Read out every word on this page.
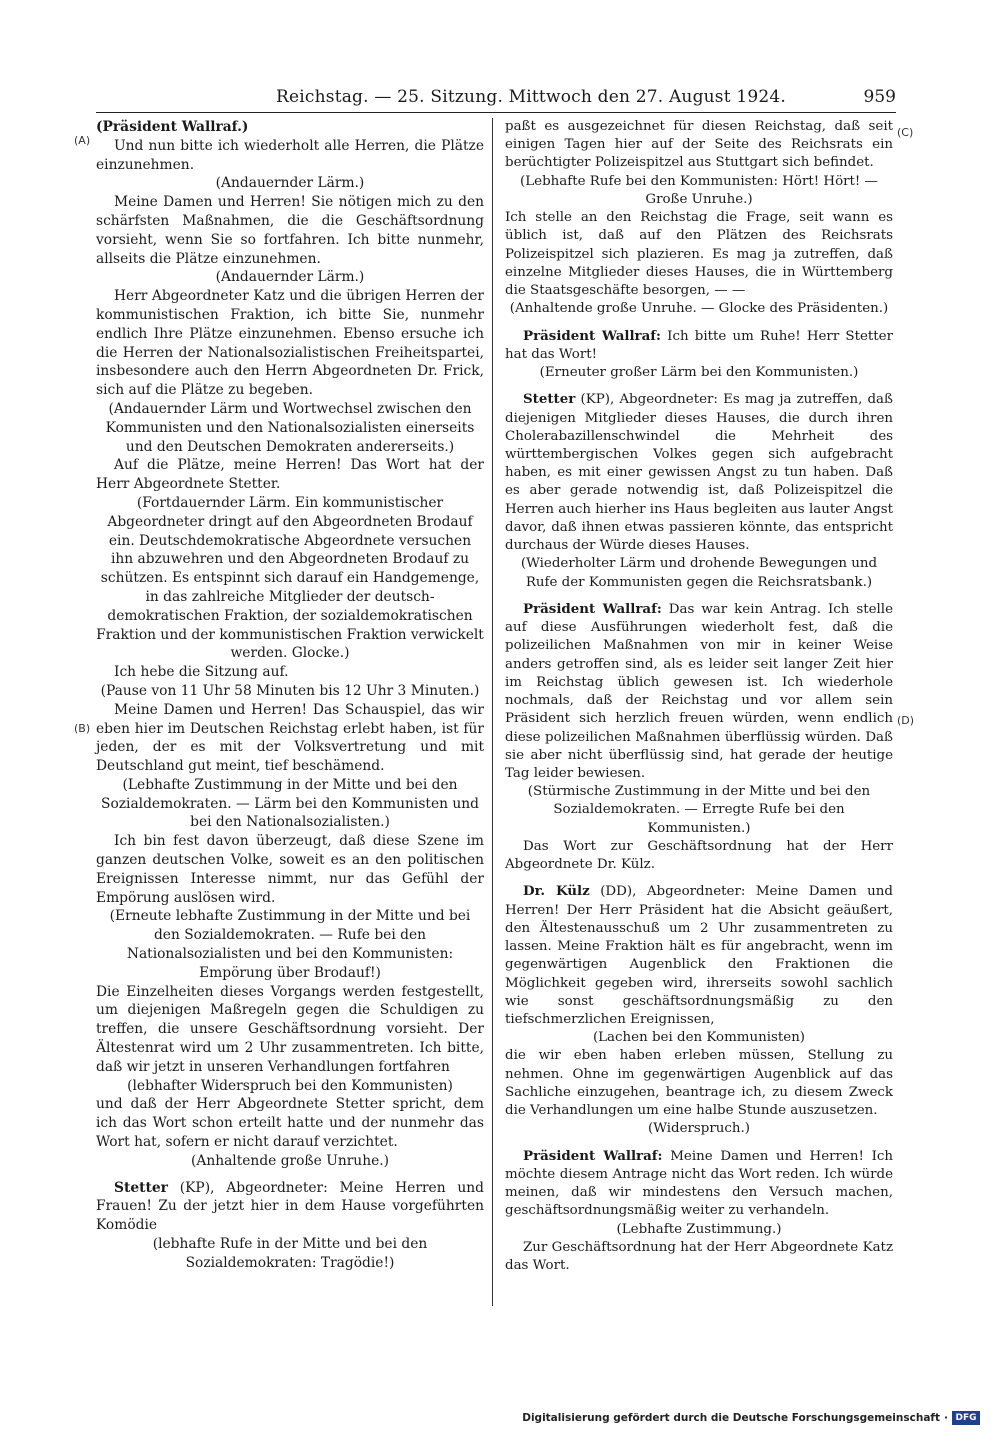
Reichstag. — 25. Sitzung. Mittwoch den 27. August 1924.	959
(A)
(B)
(C)
(D)

(Präsident Wallraf.)

Und nun bitte ich wiederholt alle Herren, die Plätze einzunehmen.

(Andauernder Lärm.)

Meine Damen und Herren! Sie nötigen mich zu den schärfsten Maßnahmen, die die Geschäftsordnung vorsieht, wenn Sie so fortfahren. Ich bitte nunmehr, allseits die Plätze einzunehmen.

(Andauernder Lärm.)

Herr Abgeordneter Katz und die übrigen Herren der kommunistischen Fraktion, ich bitte Sie, nunmehr endlich Ihre Plätze einzunehmen. Ebenso ersuche ich die Herren der Nationalsozialistischen Freiheitspartei, insbesondere auch den Herrn Abgeordneten Dr. Frick, sich auf die Plätze zu begeben.

(Andauernder Lärm und Wortwechsel zwischen den Kommunisten und den Nationalsozialisten einerseits und den Deutschen Demokraten andererseits.)

Auf die Plätze, meine Herren! Das Wort hat der Herr Abgeordnete Stetter.

(Fortdauernder Lärm. Ein kommunistischer Abgeordneter dringt auf den Abgeordneten Brodauf ein. Deutschdemokratische Abgeordnete versuchen ihn abzuwehren und den Abgeordneten Brodauf zu schützen. Es entspinnt sich darauf ein Handgemenge, in das zahlreiche Mitglieder der deutsch-demokratischen Fraktion, der sozialdemokratischen Fraktion und der kommunistischen Fraktion verwickelt werden. Glocke.)

Ich hebe die Sitzung auf.

(Pause von 11 Uhr 58 Minuten bis 12 Uhr 3 Minuten.)

Meine Damen und Herren! Das Schauspiel, das wir eben hier im Deutschen Reichstag erlebt haben, ist für jeden, der es mit der Volksvertretung und mit Deutschland gut meint, tief beschämend.

(Lebhafte Zustimmung in der Mitte und bei den Sozialdemokraten. — Lärm bei den Kommunisten und bei den Nationalsozialisten.)

Ich bin fest davon überzeugt, daß diese Szene im ganzen deutschen Volke, soweit es an den politischen Ereignissen Interesse nimmt, nur das Gefühl der Empörung auslösen wird.

(Erneute lebhafte Zustimmung in der Mitte und bei den Sozialdemokraten. — Rufe bei den Nationalsozialisten und bei den Kommunisten: Empörung über Brodauf!)

Die Einzelheiten dieses Vorgangs werden festgestellt, um diejenigen Maßregeln gegen die Schuldigen zu treffen, die unsere Geschäftsordnung vorsieht. Der Ältestenrat wird um 2 Uhr zusammentreten. Ich bitte, daß wir jetzt in unseren Verhandlungen fortfahren

(lebhafter Widerspruch bei den Kommunisten)

und daß der Herr Abgeordnete Stetter spricht, dem ich das Wort schon erteilt hatte und der nunmehr das Wort hat, sofern er nicht darauf verzichtet.

(Anhaltende große Unruhe.)

Stetter (KP), Abgeordneter: Meine Herren und Frauen! Zu der jetzt hier in dem Hause vorgeführten Komödie

(lebhafte Rufe in der Mitte und bei den Sozialdemokraten: Tragödie!)

paßt es ausgezeichnet für diesen Reichstag, daß seit einigen Tagen hier auf der Seite des Reichsrats ein berüchtigter Polizeispitzel aus Stuttgart sich befindet.

(Lebhafte Rufe bei den Kommunisten: Hört! Hört! — Große Unruhe.)

Ich stelle an den Reichstag die Frage, seit wann es üblich ist, daß auf den Plätzen des Reichsrats Polizeispitzel sich plazieren. Es mag ja zutreffen, daß einzelne Mitglieder dieses Hauses, die in Württemberg die Staatsgeschäfte besorgen, — —

(Anhaltende große Unruhe. — Glocke des Präsidenten.)

Präsident Wallraf: Ich bitte um Ruhe! Herr Stetter hat das Wort!

(Erneuter großer Lärm bei den Kommunisten.)

Stetter (KP), Abgeordneter: Es mag ja zutreffen, daß diejenigen Mitglieder dieses Hauses, die durch ihren Cholerabazillenschwindel die Mehrheit des württembergischen Volkes gegen sich aufgebracht haben, es mit einer gewissen Angst zu tun haben. Daß es aber gerade notwendig ist, daß Polizeispitzel die Herren auch hierher ins Haus begleiten aus lauter Angst davor, daß ihnen etwas passieren könnte, das entspricht durchaus der Würde dieses Hauses.

(Wiederholter Lärm und drohende Bewegungen und Rufe der Kommunisten gegen die Reichsratsbank.)

Präsident Wallraf: Das war kein Antrag. Ich stelle auf diese Ausführungen wiederholt fest, daß die polizeilichen Maßnahmen von mir in keiner Weise anders getroffen sind, als es leider seit langer Zeit hier im Reichstag üblich gewesen ist. Ich wiederhole nochmals, daß der Reichstag und vor allem sein Präsident sich herzlich freuen würden, wenn endlich diese polizeilichen Maßnahmen überflüssig würden. Daß sie aber nicht überflüssig sind, hat gerade der heutige Tag leider bewiesen.

(Stürmische Zustimmung in der Mitte und bei den Sozialdemokraten. — Erregte Rufe bei den Kommunisten.)

Das Wort zur Geschäftsordnung hat der Herr Abgeordnete Dr. Külz.

Dr. Külz (DD), Abgeordneter: Meine Damen und Herren! Der Herr Präsident hat die Absicht geäußert, den Ältestenausschuß um 2 Uhr zusammentreten zu lassen. Meine Fraktion hält es für angebracht, wenn im gegenwärtigen Augenblick den Fraktionen die Möglichkeit gegeben wird, ihrerseits sowohl sachlich wie sonst geschäftsordnungsmäßig zu den tiefschmerzlichen Ereignissen,

(Lachen bei den Kommunisten)

die wir eben haben erleben müssen, Stellung zu nehmen. Ohne im gegenwärtigen Augenblick auf das Sachliche einzugehen, beantrage ich, zu diesem Zweck die Verhandlungen um eine halbe Stunde auszusetzen.

(Widerspruch.)

Präsident Wallraf: Meine Damen und Herren! Ich möchte diesem Antrage nicht das Wort reden. Ich würde meinen, daß wir mindestens den Versuch machen, geschäftsordnungsmäßig weiter zu verhandeln.

(Lebhafte Zustimmung.)

Zur Geschäftsordnung hat der Herr Abgeordnete Katz das Wort.

Digitalisierung gefördert durch die Deutsche Forschungsgemeinschaft · DFG
